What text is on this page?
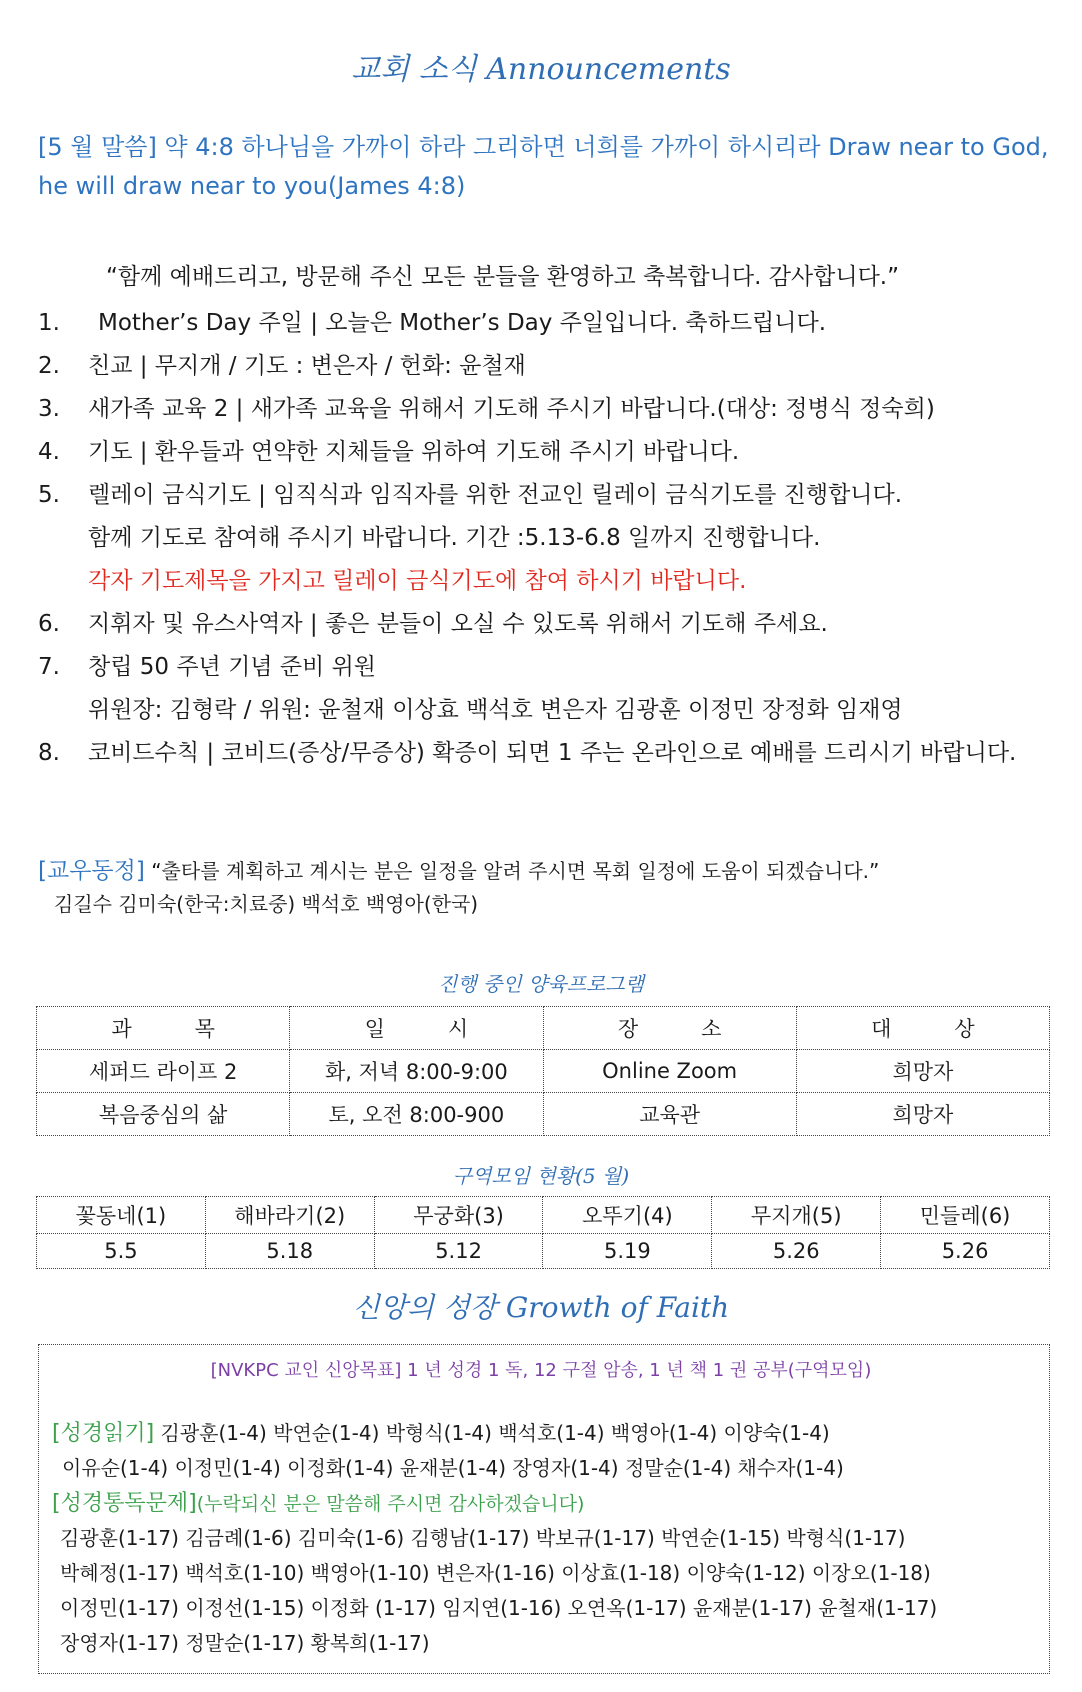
교회 소식 Announcements
[5 월 말씀] 약 4:8 하나님을 가까이 하라 그리하면 너희를 가까이 하시리라 Draw near to God, he will draw near to you(James 4:8)
“함께 예배드리고, 방문해 주신 모든 분들을 환영하고 축복합니다. 감사합니다.”
1. Mother’s Day 주일 | 오늘은 Mother’s Day 주일입니다. 축하드립니다.
2. 친교 | 무지개 / 기도 : 변은자 / 헌화: 윤철재
3. 새가족 교육 2 | 새가족 교육을 위해서 기도해 주시기 바랍니다.(대상: 정병식 정숙희)
4. 기도 | 환우들과 연약한 지체들을 위하여 기도해 주시기 바랍니다.
5. 렐레이 금식기도 | 임직식과 임직자를 위한 전교인 릴레이 금식기도를 진행합니다.
함께 기도로 참여해 주시기 바랍니다. 기간 :5.13-6.8 일까지 진행합니다.
각자 기도제목을 가지고 릴레이 금식기도에 참여 하시기 바랍니다.
6. 지휘자 및 유스사역자 | 좋은 분들이 오실 수 있도록 위해서 기도해 주세요.
7. 창립 50 주년 기념 준비 위원
위원장: 김형락 / 위원: 윤철재 이상효 백석호 변은자 김광훈 이정민 장정화 임재영
8. 코비드수칙 | 코비드(증상/무증상) 확증이 되면 1 주는 온라인으로 예배를 드리시기 바랍니다.
[교우동정] “출타를 계획하고 계시는 분은 일정을 알려 주시면 목회 일정에 도움이 되겠습니다.”
김길수 김미숙(한국:치료중) 백석호 백영아(한국)
진행 중인 양육프로그램
과　　　목	일　　　시	장　　　소	대　　　상
세퍼드 라이프 2	화, 저녁 8:00-9:00	Online Zoom	희망자
복음중심의 삶	토, 오전 8:00-900	교육관	희망자
구역모임 현황(5 월)
꽃동네(1)	해바라기(2)	무궁화(3)	오뚜기(4)	무지개(5)	민들레(6)
5.5	5.18	5.12	5.19	5.26	5.26
신앙의 성장 Growth of Faith
[NVKPC 교인 신앙목표] 1 년 성경 1 독, 12 구절 암송, 1 년 책 1 권 공부(구역모임)
[성경읽기] 김광훈(1-4) 박연순(1-4) 박형식(1-4) 백석호(1-4) 백영아(1-4) 이양숙(1-4)
이유순(1-4) 이정민(1-4) 이정화(1-4) 윤재분(1-4) 장영자(1-4) 정말순(1-4) 채수자(1-4)
[성경통독문제](누락되신 분은 말씀해 주시면 감사하겠습니다)
김광훈(1-17) 김금례(1-6) 김미숙(1-6) 김행남(1-17) 박보규(1-17) 박연순(1-15) 박형식(1-17)
박혜정(1-17) 백석호(1-10) 백영아(1-10) 변은자(1-16) 이상효(1-18) 이양숙(1-12) 이장오(1-18)
이정민(1-17) 이정선(1-15) 이정화 (1-17) 임지연(1-16) 오연옥(1-17) 윤재분(1-17) 윤철재(1-17)
장영자(1-17) 정말순(1-17) 황복희(1-17)
